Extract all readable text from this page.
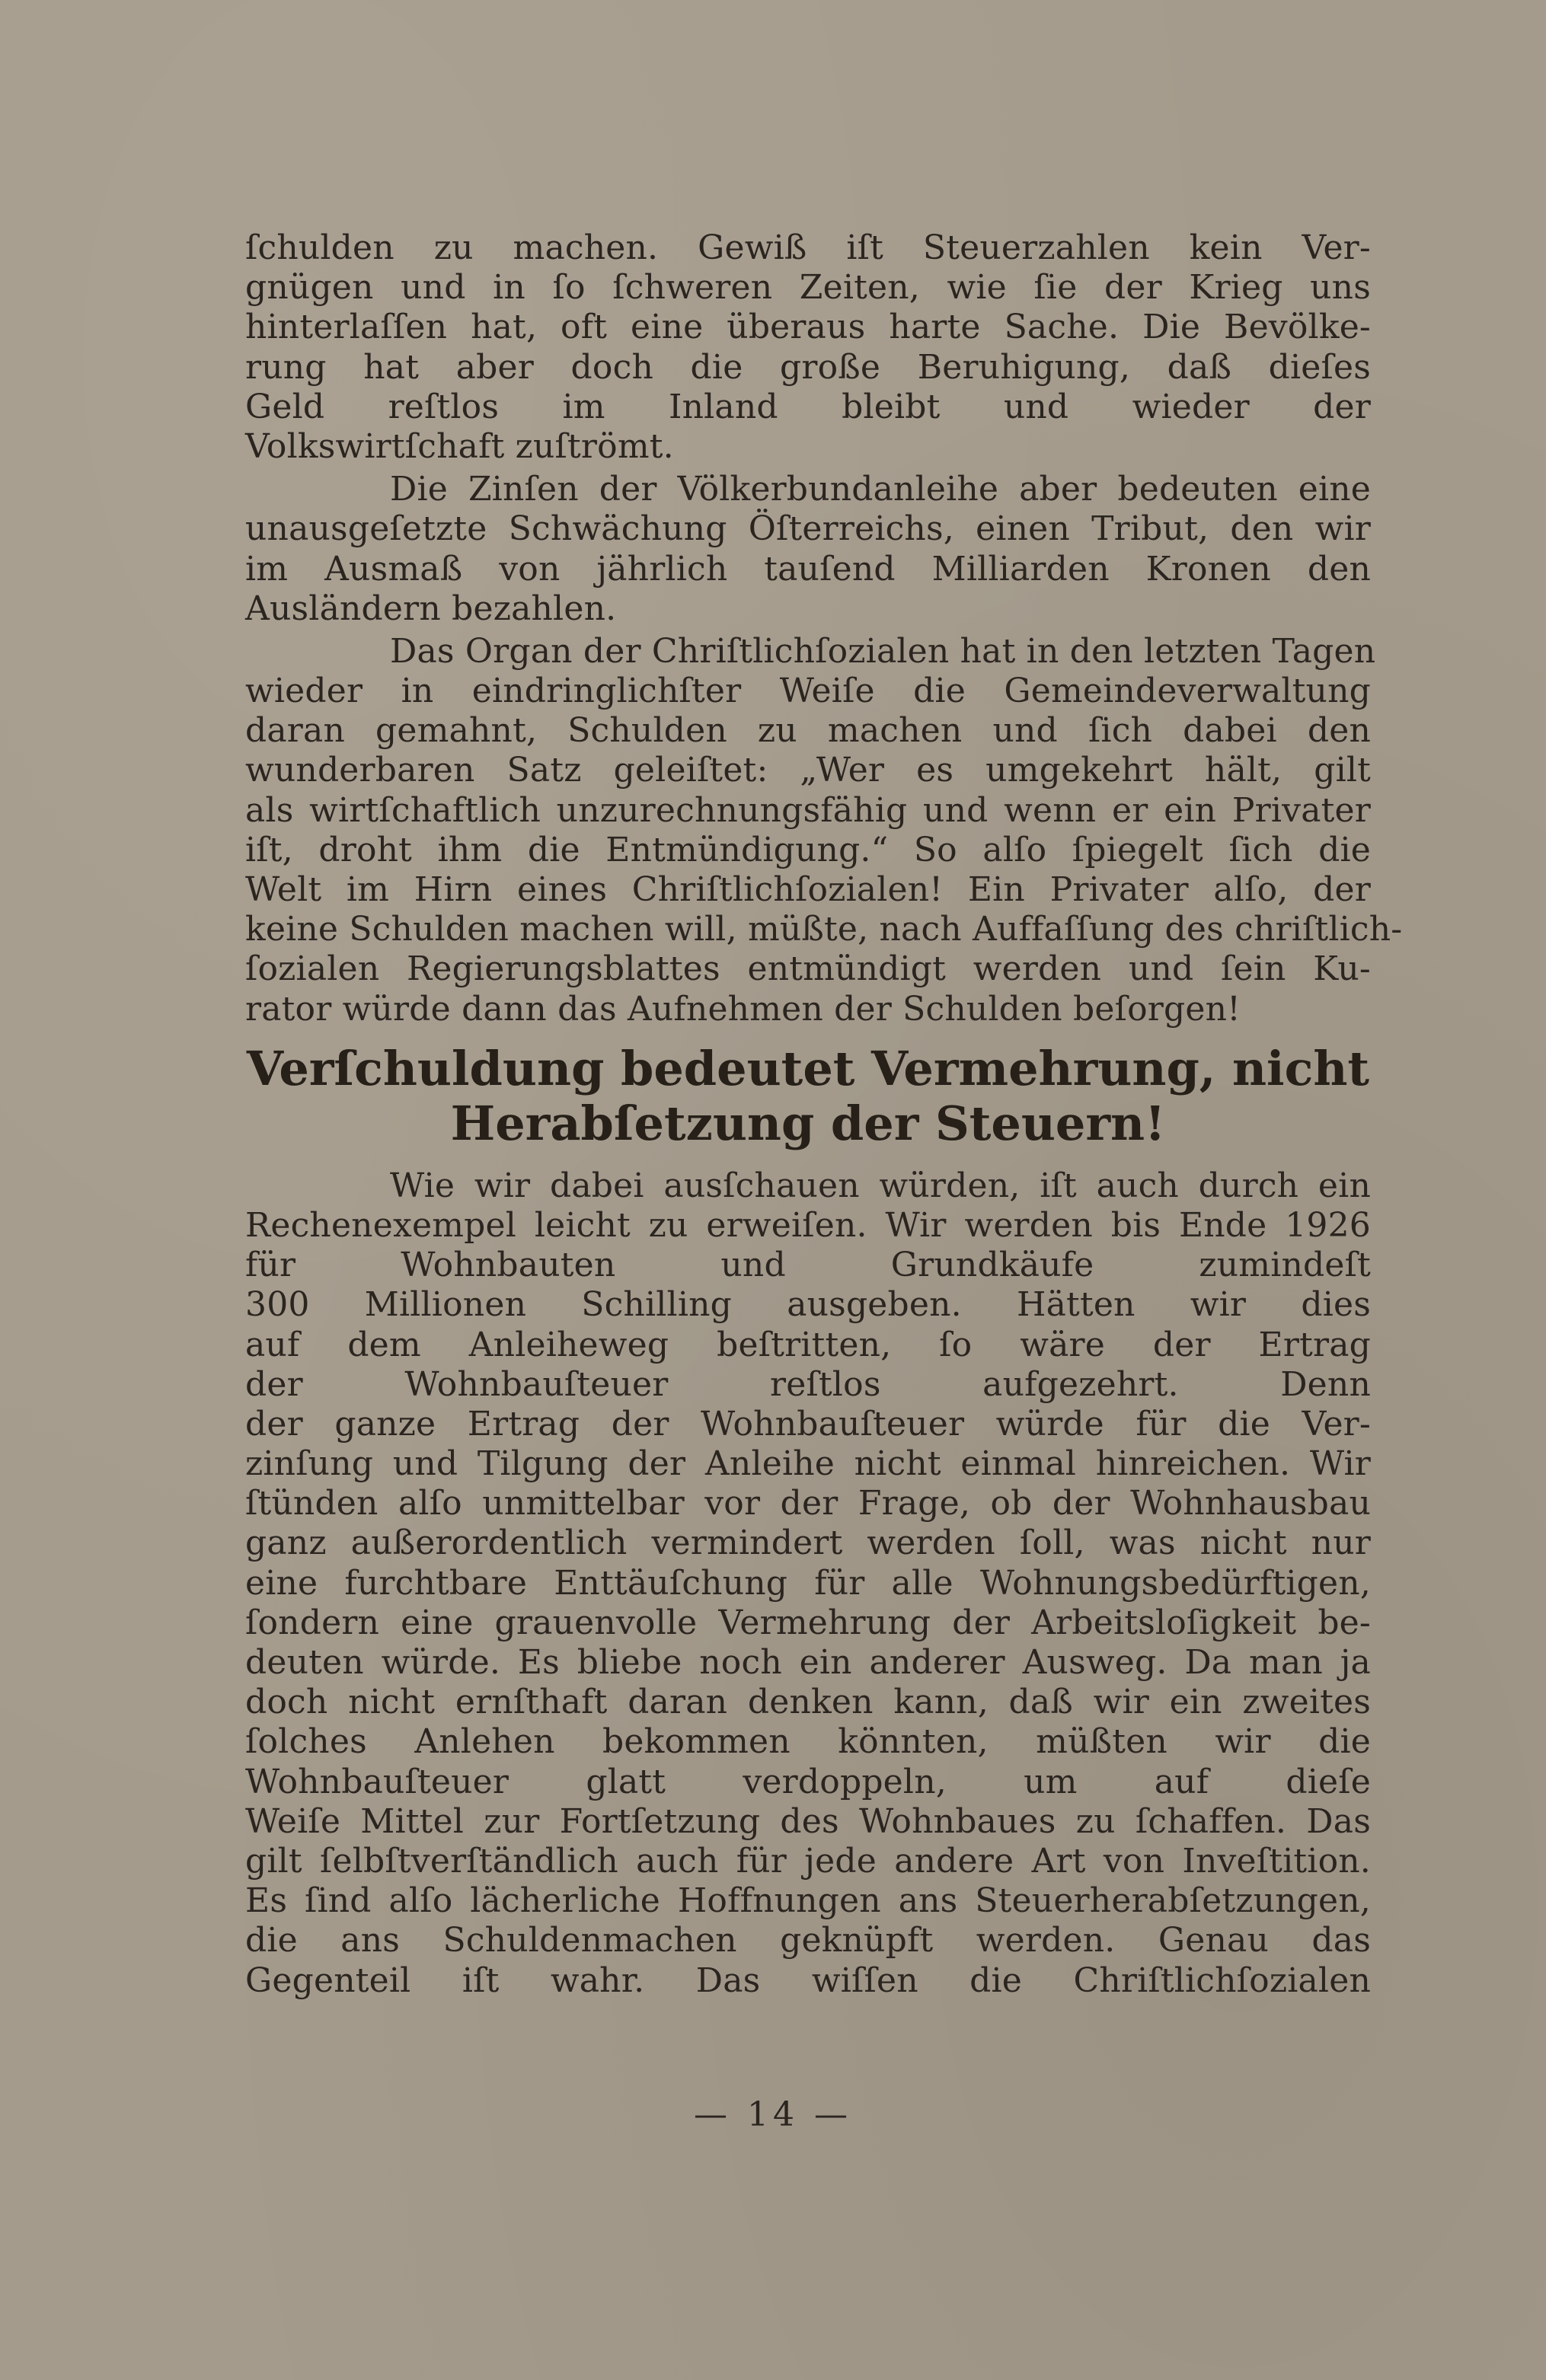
ſchulden zu machen. Gewiß iſt Steuerzahlen kein Ver-
gnügen und in ſo ſchweren Zeiten, wie ſie der Krieg uns
hinterlaſſen hat, oft eine überaus harte Sache. Die Bevölke-
rung hat aber doch die große Beruhigung, daß dieſes
Geld reſtlos im Inland bleibt und wieder der
Volkswirtſchaft zuſtrömt.
Die Zinſen der Völkerbundanleihe aber bedeuten eine
unausgeſetzte Schwächung Öſterreichs, einen Tribut, den wir
im Ausmaß von jährlich tauſend Milliarden Kronen den
Ausländern bezahlen.
Das Organ der Chriſtlichſozialen hat in den letzten Tagen
wieder in eindringlichſter Weiſe die Gemeindeverwaltung
daran gemahnt, Schulden zu machen und ſich dabei den
wunderbaren Satz geleiſtet: „Wer es umgekehrt hält, gilt
als wirtſchaftlich unzurechnungsfähig und wenn er ein Privater
iſt, droht ihm die Entmündigung.“ So alſo ſpiegelt ſich die
Welt im Hirn eines Chriſtlichſozialen! Ein Privater alſo, der
keine Schulden machen will, müßte, nach Auffaſſung des chriſtlich-
ſozialen Regierungsblattes entmündigt werden und ſein Ku-
rator würde dann das Aufnehmen der Schulden beſorgen!
Verſchuldung bedeutet Vermehrung, nicht
Herabſetzung der Steuern!
Wie wir dabei ausſchauen würden, iſt auch durch ein
Rechenexempel leicht zu erweiſen. Wir werden bis Ende 1926
für Wohnbauten und Grundkäufe zumindeſt
300 Millionen Schilling ausgeben. Hätten wir dies
auf dem Anleiheweg beſtritten, ſo wäre der Ertrag
der Wohnbauſteuer reſtlos aufgezehrt. Denn
der ganze Ertrag der Wohnbauſteuer würde für die Ver-
zinſung und Tilgung der Anleihe nicht einmal hinreichen. Wir
ſtünden alſo unmittelbar vor der Frage, ob der Wohnhausbau
ganz außerordentlich vermindert werden ſoll, was nicht nur
eine furchtbare Enttäuſchung für alle Wohnungsbedürftigen,
ſondern eine grauenvolle Vermehrung der Arbeitsloſigkeit be-
deuten würde. Es bliebe noch ein anderer Ausweg. Da man ja
doch nicht ernſthaft daran denken kann, daß wir ein zweites
ſolches Anlehen bekommen könnten, müßten wir die
Wohnbauſteuer glatt verdoppeln, um auf dieſe
Weiſe Mittel zur Fortſetzung des Wohnbaues zu ſchaffen. Das
gilt ſelbſtverſtändlich auch für jede andere Art von Inveſtition.
Es ſind alſo lächerliche Hoffnungen ans Steuerherabſetzungen,
die ans Schuldenmachen geknüpft werden. Genau das
Gegenteil iſt wahr. Das wiſſen die Chriſtlichſozialen
— 14 —
